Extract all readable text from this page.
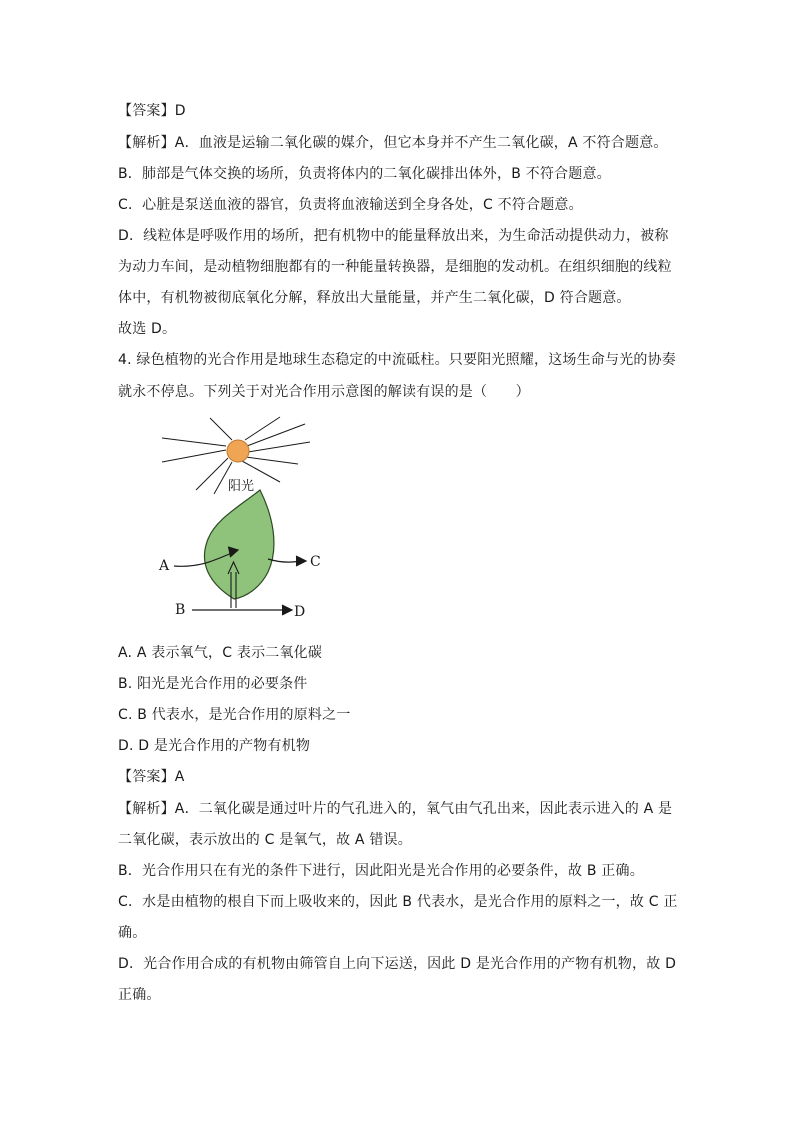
【答案】D
【解析】A．血液是运输二氧化碳的媒介，但它本身并不产生二氧化碳，A 不符合题意。
B．肺部是气体交换的场所，负责将体内的二氧化碳排出体外，B 不符合题意。
C．心脏是泵送血液的器官，负责将血液输送到全身各处，C 不符合题意。
D．线粒体是呼吸作用的场所，把有机物中的能量释放出来，为生命活动提供动力，被称
为动力车间，是动植物细胞都有的一种能量转换器，是细胞的发动机。在组织细胞的线粒
体中，有机物被彻底氧化分解，释放出大量能量，并产生二氧化碳，D 符合题意。
故选 D。
4. 绿色植物的光合作用是地球生态稳定的中流砥柱。只要阳光照耀，这场生命与光的协奏
就永不停息。下列关于对光合作用示意图的解读有误的是（　　）
阳光
A	C
B	D
A. A 表示氧气，C 表示二氧化碳
B. 阳光是光合作用的必要条件
C. B 代表水，是光合作用的原料之一
D. D 是光合作用的产物有机物
【答案】A
【解析】A．二氧化碳是通过叶片的气孔进入的，氧气由气孔出来，因此表示进入的 A 是
二氧化碳，表示放出的 C 是氧气，故 A 错误。
B．光合作用只在有光的条件下进行，因此阳光是光合作用的必要条件，故 B 正确。
C．水是由植物的根自下而上吸收来的，因此 B 代表水，是光合作用的原料之一，故 C 正
确。
D．光合作用合成的有机物由筛管自上向下运送，因此 D 是光合作用的产物有机物，故 D
正确。
